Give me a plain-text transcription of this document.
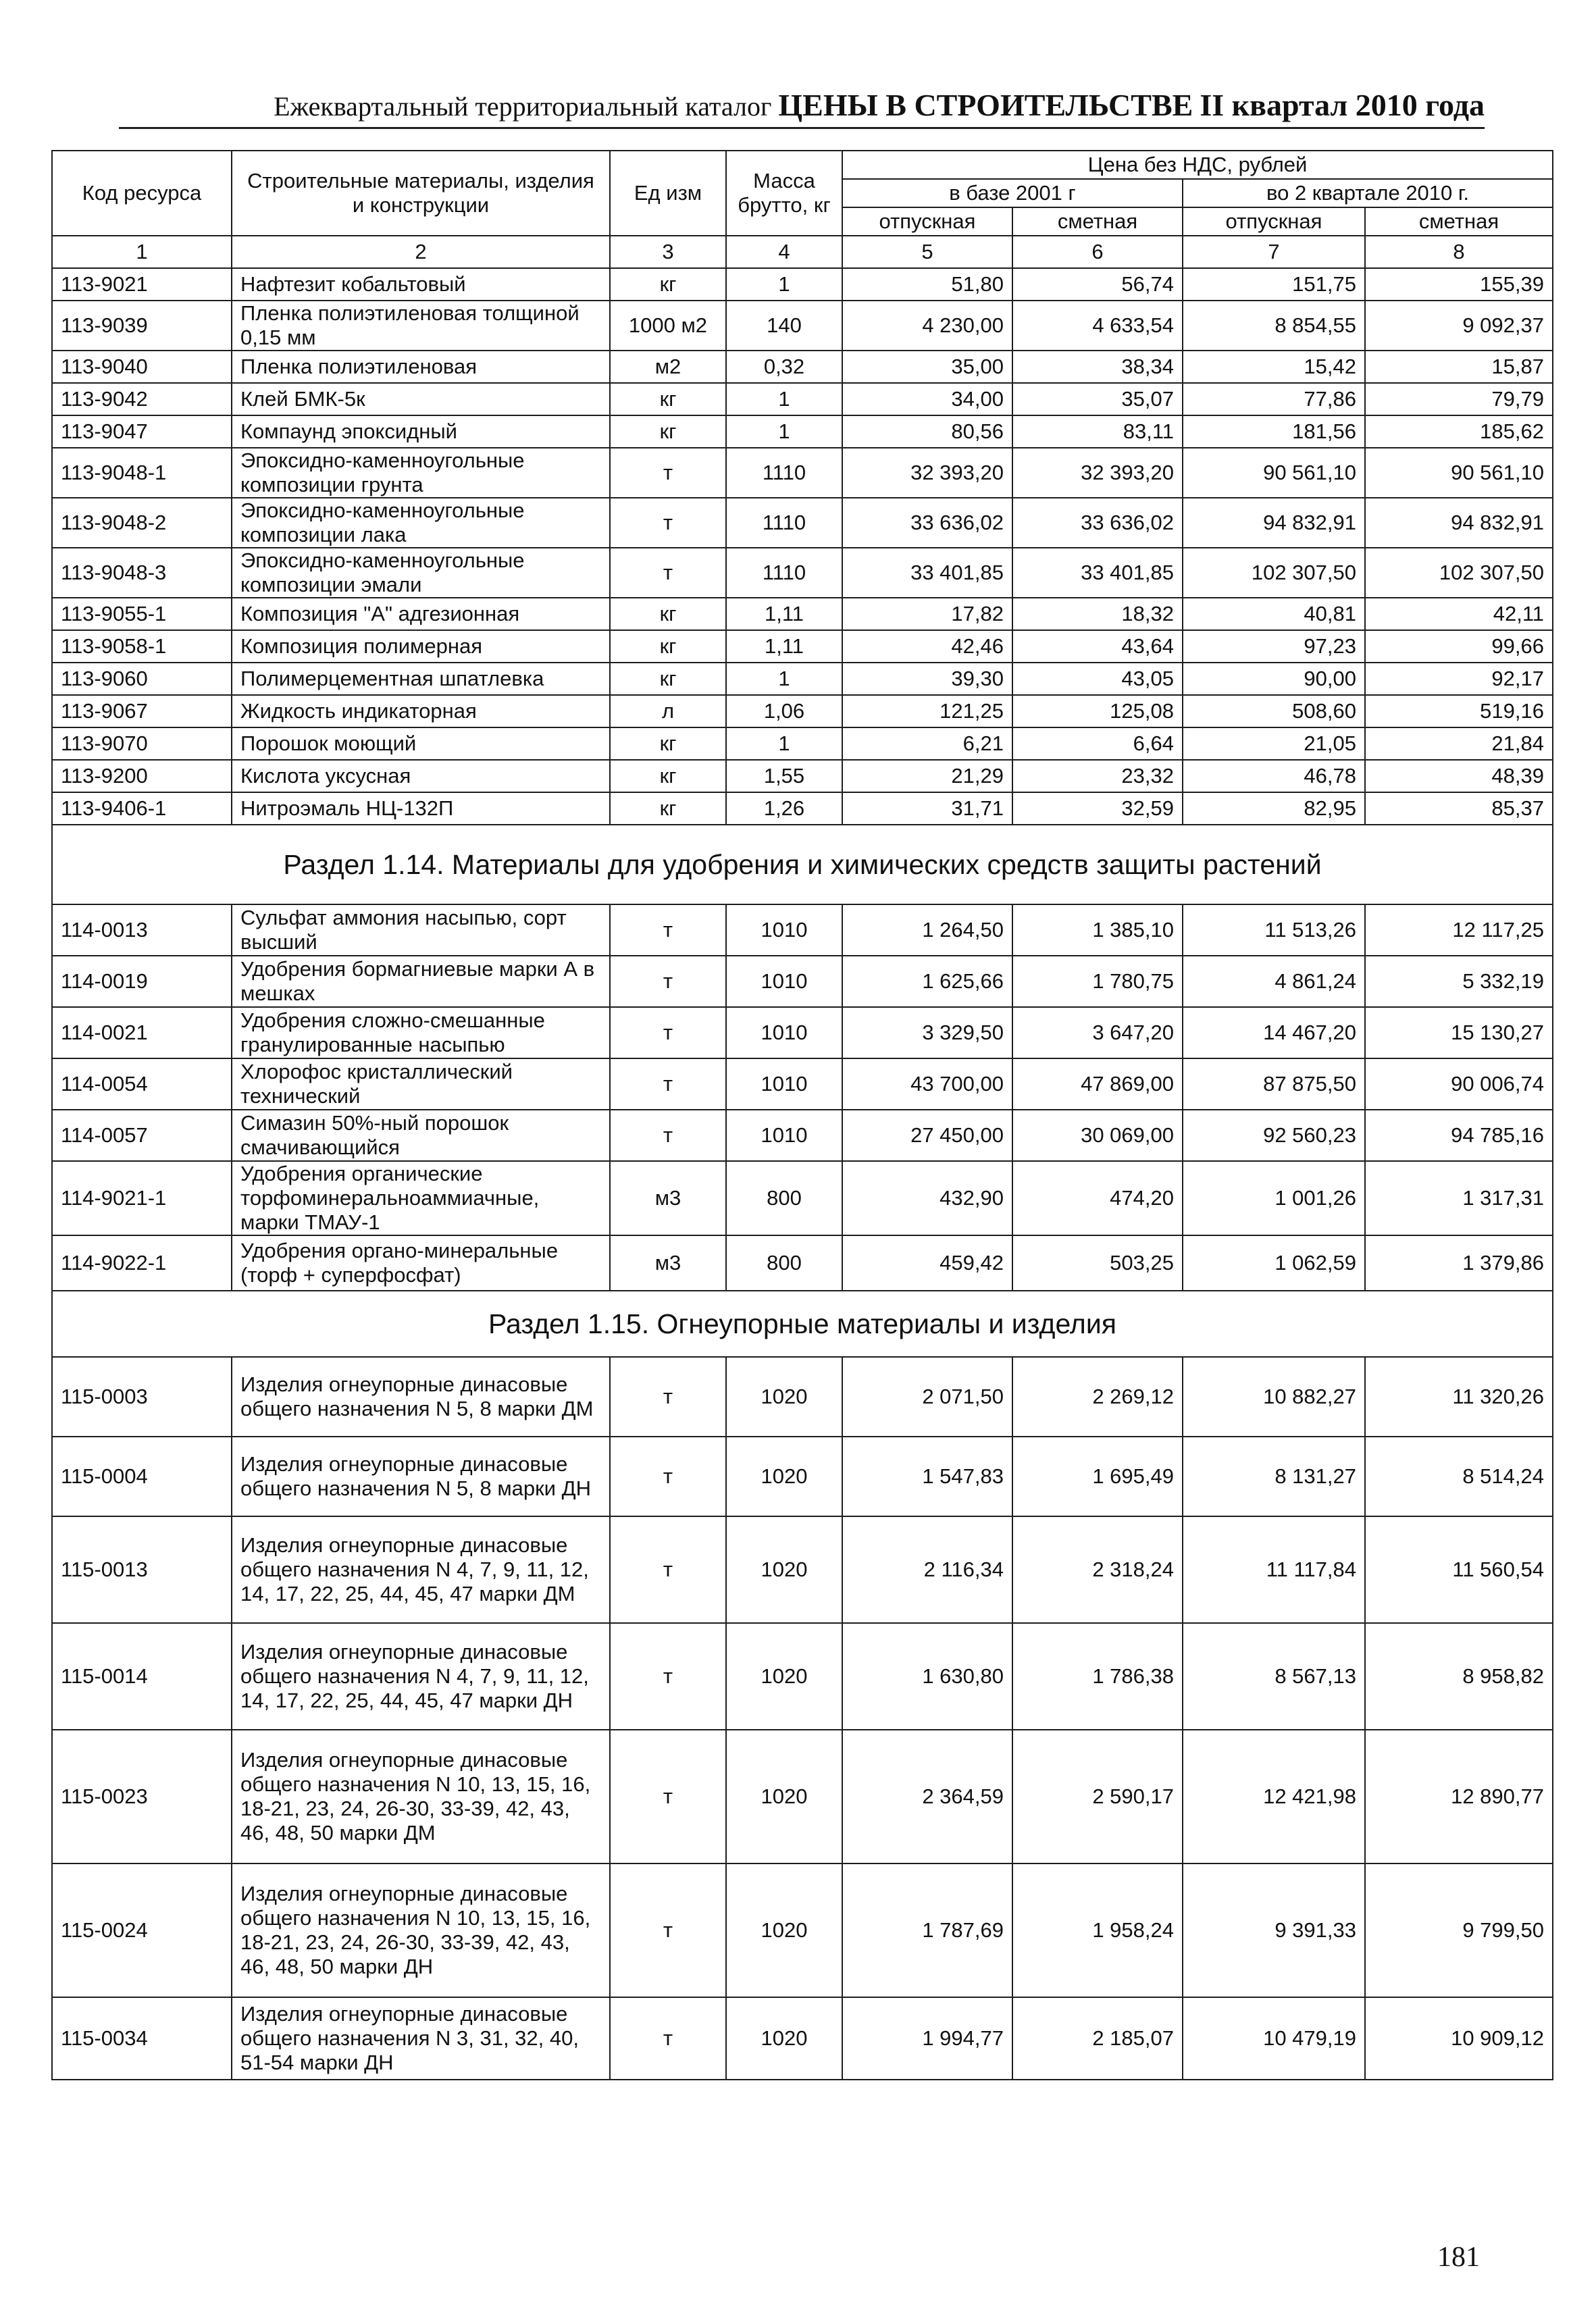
Ежеквартальный территориальный каталог ЦЕНЫ В СТРОИТЕЛЬСТВЕ II квартал 2010 года
Код ресурса	Строительные материалы, изделия и конструкции	Ед изм	Масса брутто, кг	Цена без НДС, рублей			
				в базе 2001 г		во 2 квартале 2010 г.	
				отпускная	сметная	отпускная	сметная
1	2	3	4	5	6	7	8
113-9021	Нафтезит кобальтовый	кг	1	51,80	56,74	151,75	155,39
113-9039	Пленка полиэтиленовая толщиной 0,15 мм	1000 м2	140	4 230,00	4 633,54	8 854,55	9 092,37
113-9040	Пленка полиэтиленовая	м2	0,32	35,00	38,34	15,42	15,87
113-9042	Клей БМК-5к	кг	1	34,00	35,07	77,86	79,79
113-9047	Компаунд эпоксидный	кг	1	80,56	83,11	181,56	185,62
113-9048-1	Эпоксидно-каменноугольные композиции грунта	т	1110	32 393,20	32 393,20	90 561,10	90 561,10
113-9048-2	Эпоксидно-каменноугольные композиции лака	т	1110	33 636,02	33 636,02	94 832,91	94 832,91
113-9048-3	Эпоксидно-каменноугольные композиции эмали	т	1110	33 401,85	33 401,85	102 307,50	102 307,50
113-9055-1	Композиция "А" адгезионная	кг	1,11	17,82	18,32	40,81	42,11
113-9058-1	Композиция полимерная	кг	1,11	42,46	43,64	97,23	99,66
113-9060	Полимерцементная шпатлевка	кг	1	39,30	43,05	90,00	92,17
113-9067	Жидкость индикаторная	л	1,06	121,25	125,08	508,60	519,16
113-9070	Порошок моющий	кг	1	6,21	6,64	21,05	21,84
113-9200	Кислота уксусная	кг	1,55	21,29	23,32	46,78	48,39
113-9406-1	Нитроэмаль НЦ-132П	кг	1,26	31,71	32,59	82,95	85,37
Раздел 1.14. Материалы для удобрения и химических средств защиты растений							
114-0013	Сульфат аммония насыпью, сорт высший	т	1010	1 264,50	1 385,10	11 513,26	12 117,25
114-0019	Удобрения бормагниевые марки А в мешках	т	1010	1 625,66	1 780,75	4 861,24	5 332,19
114-0021	Удобрения сложно-смешанные гранулированные насыпью	т	1010	3 329,50	3 647,20	14 467,20	15 130,27
114-0054	Хлорофос кристаллический технический	т	1010	43 700,00	47 869,00	87 875,50	90 006,74
114-0057	Симазин 50%-ный порошок смачивающийся	т	1010	27 450,00	30 069,00	92 560,23	94 785,16
114-9021-1	Удобрения органические торфоминеральноаммиачные, марки ТМАУ-1	м3	800	432,90	474,20	1 001,26	1 317,31
114-9022-1	Удобрения органо-минеральные (торф + суперфосфат)	м3	800	459,42	503,25	1 062,59	1 379,86
Раздел 1.15. Огнеупорные материалы и изделия							
115-0003	Изделия огнеупорные динасовые общего назначения N 5, 8 марки ДМ	т	1020	2 071,50	2 269,12	10 882,27	11 320,26
115-0004	Изделия огнеупорные динасовые общего назначения N 5, 8 марки ДН	т	1020	1 547,83	1 695,49	8 131,27	8 514,24
115-0013	Изделия огнеупорные динасовые общего назначения N 4, 7, 9, 11, 12, 14, 17, 22, 25, 44, 45, 47 марки ДМ	т	1020	2 116,34	2 318,24	11 117,84	11 560,54
115-0014	Изделия огнеупорные динасовые общего назначения N 4, 7, 9, 11, 12, 14, 17, 22, 25, 44, 45, 47 марки ДН	т	1020	1 630,80	1 786,38	8 567,13	8 958,82
115-0023	Изделия огнеупорные динасовые общего назначения N 10, 13, 15, 16, 18-21, 23, 24, 26-30, 33-39, 42, 43, 46, 48, 50 марки ДМ	т	1020	2 364,59	2 590,17	12 421,98	12 890,77
115-0024	Изделия огнеупорные динасовые общего назначения N 10, 13, 15, 16, 18-21, 23, 24, 26-30, 33-39, 42, 43, 46, 48, 50 марки ДН	т	1020	1 787,69	1 958,24	9 391,33	9 799,50
115-0034	Изделия огнеупорные динасовые общего назначения N 3, 31, 32, 40, 51-54 марки ДН	т	1020	1 994,77	2 185,07	10 479,19	10 909,12
181
